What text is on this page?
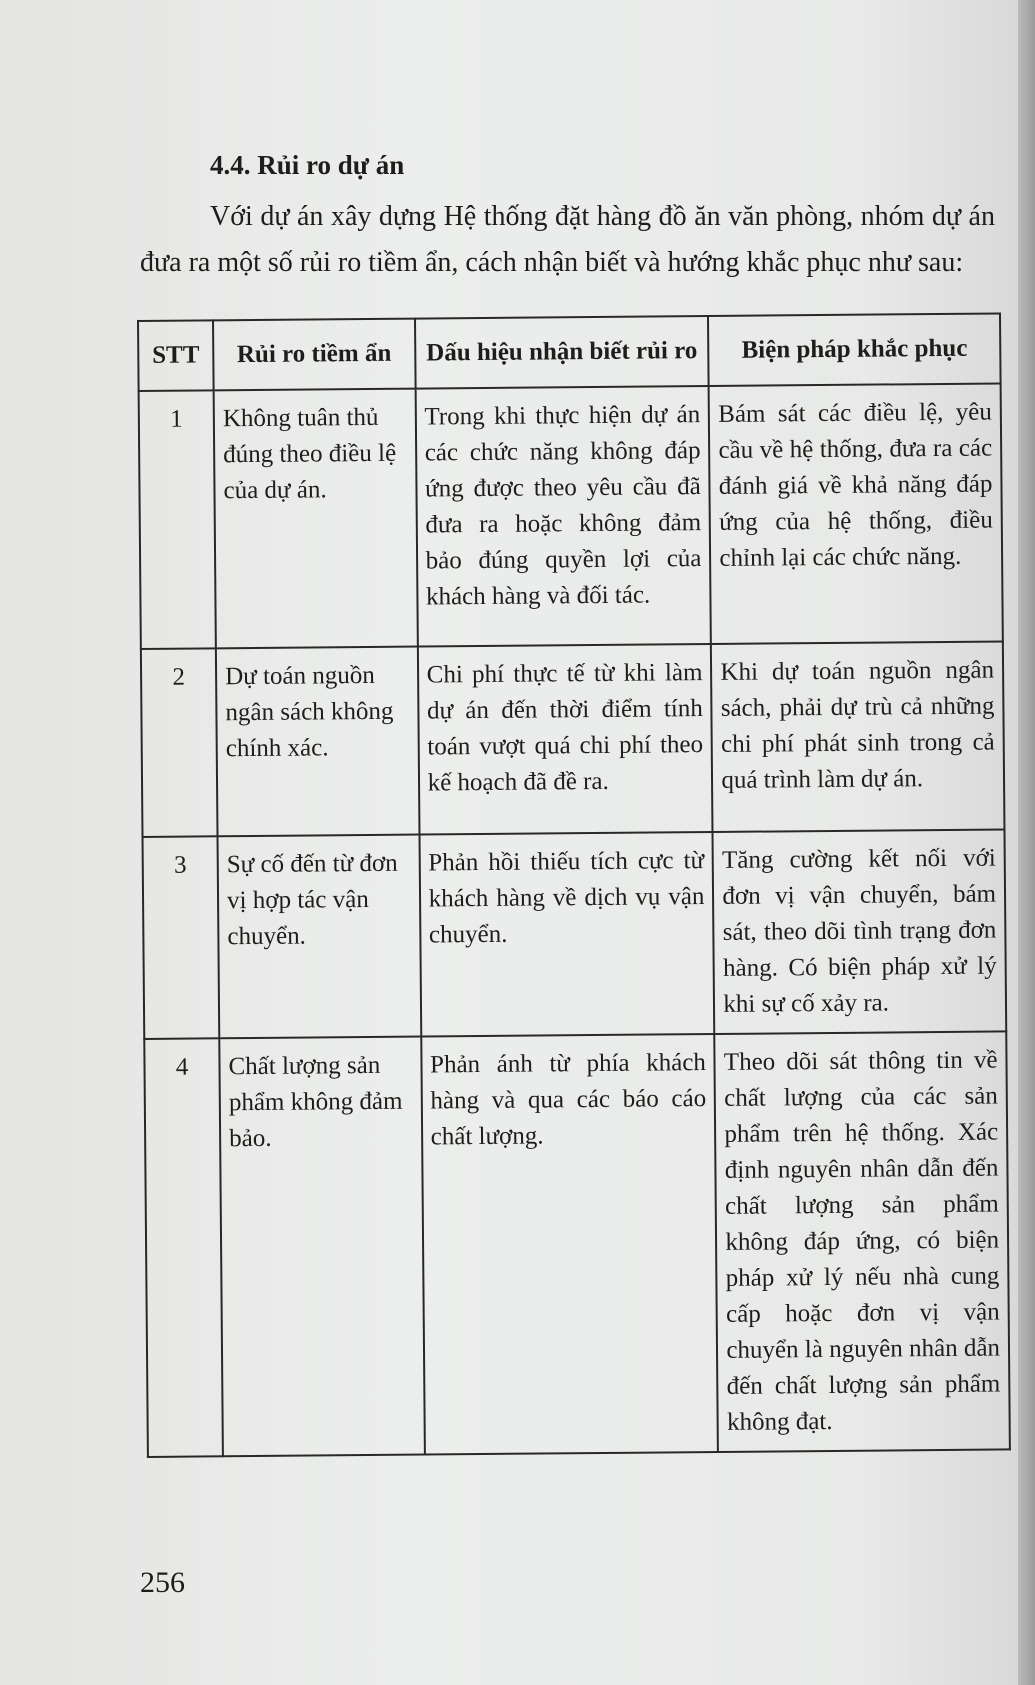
4.4. Rủi ro dự án

Với dự án xây dựng Hệ thống đặt hàng đồ ăn văn phòng, nhóm dự án đưa ra một số rủi ro tiềm ẩn, cách nhận biết và hướng khắc phục như sau:

STT	Rủi ro tiềm ẩn	Dấu hiệu nhận biết rủi ro	Biện pháp khắc phục
1	Không tuân thủ đúng theo điều lệ của dự án.	Trong khi thực hiện dự án các chức năng không đáp ứng được theo yêu cầu đã đưa ra hoặc không đảm bảo đúng quyền lợi của khách hàng và đối tác.	Bám sát các điều lệ, yêu cầu về hệ thống, đưa ra các đánh giá về khả năng đáp ứng của hệ thống, điều chỉnh lại các chức năng.
2	Dự toán nguồn ngân sách không chính xác.	Chi phí thực tế từ khi làm dự án đến thời điểm tính toán vượt quá chi phí theo kế hoạch đã đề ra.	Khi dự toán nguồn ngân sách, phải dự trù cả những chi phí phát sinh trong cả quá trình làm dự án.
3	Sự cố đến từ đơn vị hợp tác vận chuyển.	Phản hồi thiếu tích cực từ khách hàng về dịch vụ vận chuyển.	Tăng cường kết nối với đơn vị vận chuyển, bám sát, theo dõi tình trạng đơn hàng. Có biện pháp xử lý khi sự cố xảy ra.
4	Chất lượng sản phẩm không đảm bảo.	Phản ánh từ phía khách hàng và qua các báo cáo chất lượng.	Theo dõi sát thông tin về chất lượng của các sản phẩm trên hệ thống. Xác định nguyên nhân dẫn đến chất lượng sản phẩm không đáp ứng, có biện pháp xử lý nếu nhà cung cấp hoặc đơn vị vận chuyển là nguyên nhân dẫn đến chất lượng sản phẩm không đạt.

256
